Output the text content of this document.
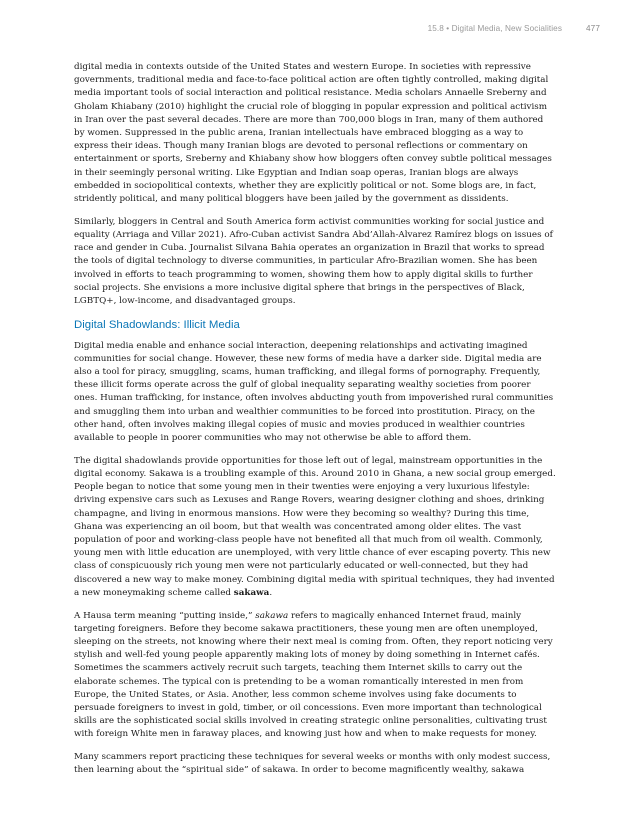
15.8 • Digital Media, New Socialities	477

digital media in contexts outside of the United States and western Europe. In societies with repressive governments, traditional media and face-to-face political action are often tightly controlled, making digital media important tools of social interaction and political resistance. Media scholars Annaelle Sreberny and Gholam Khiabany (2010) highlight the crucial role of blogging in popular expression and political activism in Iran over the past several decades. There are more than 700,000 blogs in Iran, many of them authored by women. Suppressed in the public arena, Iranian intellectuals have embraced blogging as a way to express their ideas. Though many Iranian blogs are devoted to personal reflections or commentary on entertainment or sports, Sreberny and Khiabany show how bloggers often convey subtle political messages in their seemingly personal writing. Like Egyptian and Indian soap operas, Iranian blogs are always embedded in sociopolitical contexts, whether they are explicitly political or not. Some blogs are, in fact, stridently political, and many political bloggers have been jailed by the government as dissidents.

Similarly, bloggers in Central and South America form activist communities working for social justice and equality (Arriaga and Villar 2021). Afro-Cuban activist Sandra Abd’Allah-Alvarez Ramírez blogs on issues of race and gender in Cuba. Journalist Silvana Bahia operates an organization in Brazil that works to spread the tools of digital technology to diverse communities, in particular Afro-Brazilian women. She has been involved in efforts to teach programming to women, showing them how to apply digital skills to further social projects. She envisions a more inclusive digital sphere that brings in the perspectives of Black, LGBTQ+, low-income, and disadvantaged groups.

Digital Shadowlands: Illicit Media

Digital media enable and enhance social interaction, deepening relationships and activating imagined communities for social change. However, these new forms of media have a darker side. Digital media are also a tool for piracy, smuggling, scams, human trafficking, and illegal forms of pornography. Frequently, these illicit forms operate across the gulf of global inequality separating wealthy societies from poorer ones. Human trafficking, for instance, often involves abducting youth from impoverished rural communities and smuggling them into urban and wealthier communities to be forced into prostitution. Piracy, on the other hand, often involves making illegal copies of music and movies produced in wealthier countries available to people in poorer communities who may not otherwise be able to afford them.

The digital shadowlands provide opportunities for those left out of legal, mainstream opportunities in the digital economy. Sakawa is a troubling example of this. Around 2010 in Ghana, a new social group emerged. People began to notice that some young men in their twenties were enjoying a very luxurious lifestyle: driving expensive cars such as Lexuses and Range Rovers, wearing designer clothing and shoes, drinking champagne, and living in enormous mansions. How were they becoming so wealthy? During this time, Ghana was experiencing an oil boom, but that wealth was concentrated among older elites. The vast population of poor and working-class people have not benefited all that much from oil wealth. Commonly, young men with little education are unemployed, with very little chance of ever escaping poverty. This new class of conspicuously rich young men were not particularly educated or well-connected, but they had discovered a new way to make money. Combining digital media with spiritual techniques, they had invented a new moneymaking scheme called sakawa.

A Hausa term meaning “putting inside,” sakawa refers to magically enhanced Internet fraud, mainly targeting foreigners. Before they become sakawa practitioners, these young men are often unemployed, sleeping on the streets, not knowing where their next meal is coming from. Often, they report noticing very stylish and well-fed young people apparently making lots of money by doing something in Internet cafés. Sometimes the scammers actively recruit such targets, teaching them Internet skills to carry out the elaborate schemes. The typical con is pretending to be a woman romantically interested in men from Europe, the United States, or Asia. Another, less common scheme involves using fake documents to persuade foreigners to invest in gold, timber, or oil concessions. Even more important than technological skills are the sophisticated social skills involved in creating strategic online personalities, cultivating trust with foreign White men in faraway places, and knowing just how and when to make requests for money.

Many scammers report practicing these techniques for several weeks or months with only modest success, then learning about the “spiritual side” of sakawa. In order to become magnificently wealthy, sakawa
